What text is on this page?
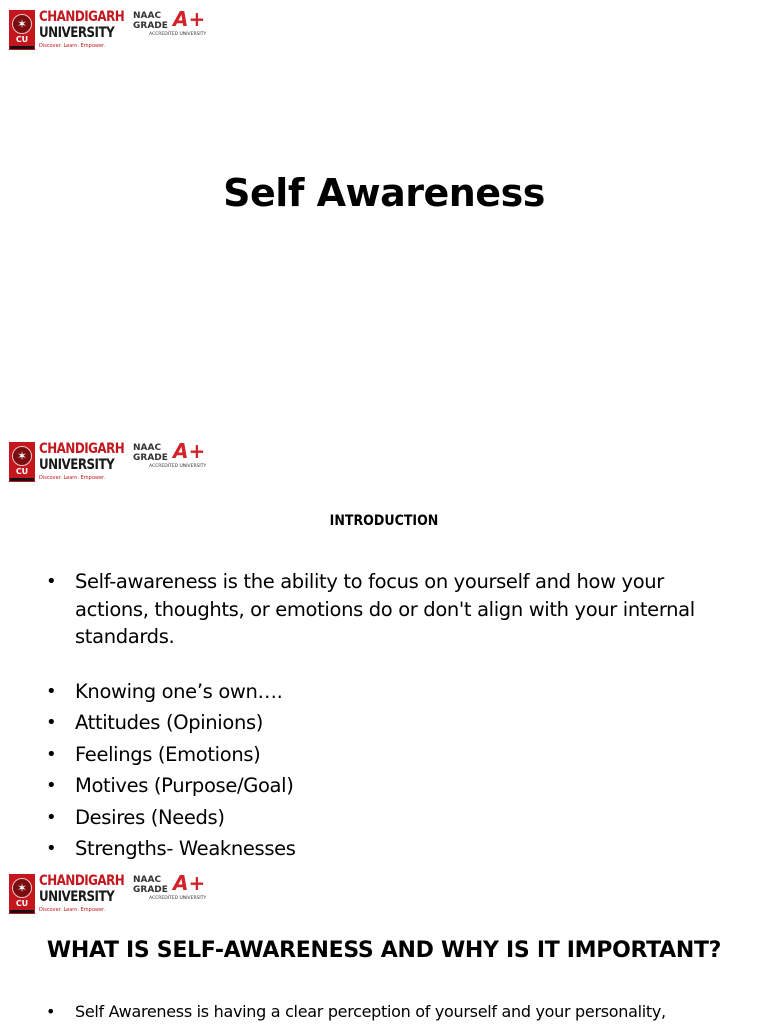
✶
CU
CHANDIGARH
UNIVERSITY
Discover. Learn. Empower.
NAAC
GRADE A+
ACCREDITED UNIVERSITY
Self Awareness
✶
CU
CHANDIGARH
UNIVERSITY
Discover. Learn. Empower.
NAAC
GRADE A+
ACCREDITED UNIVERSITY
INTRODUCTION
• Self-awareness is the ability to focus on yourself and how your actions, thoughts, or emotions do or don't align with your internal standards.
• Knowing one’s own….
• Attitudes (Opinions)
• Feelings (Emotions)
• Motives (Purpose/Goal)
• Desires (Needs)
• Strengths- Weaknesses
✶
CU
CHANDIGARH
UNIVERSITY
Discover. Learn. Empower.
NAAC
GRADE A+
ACCREDITED UNIVERSITY
WHAT IS SELF-AWARENESS AND WHY IS IT IMPORTANT?
• Self Awareness is having a clear perception of yourself and your personality,
